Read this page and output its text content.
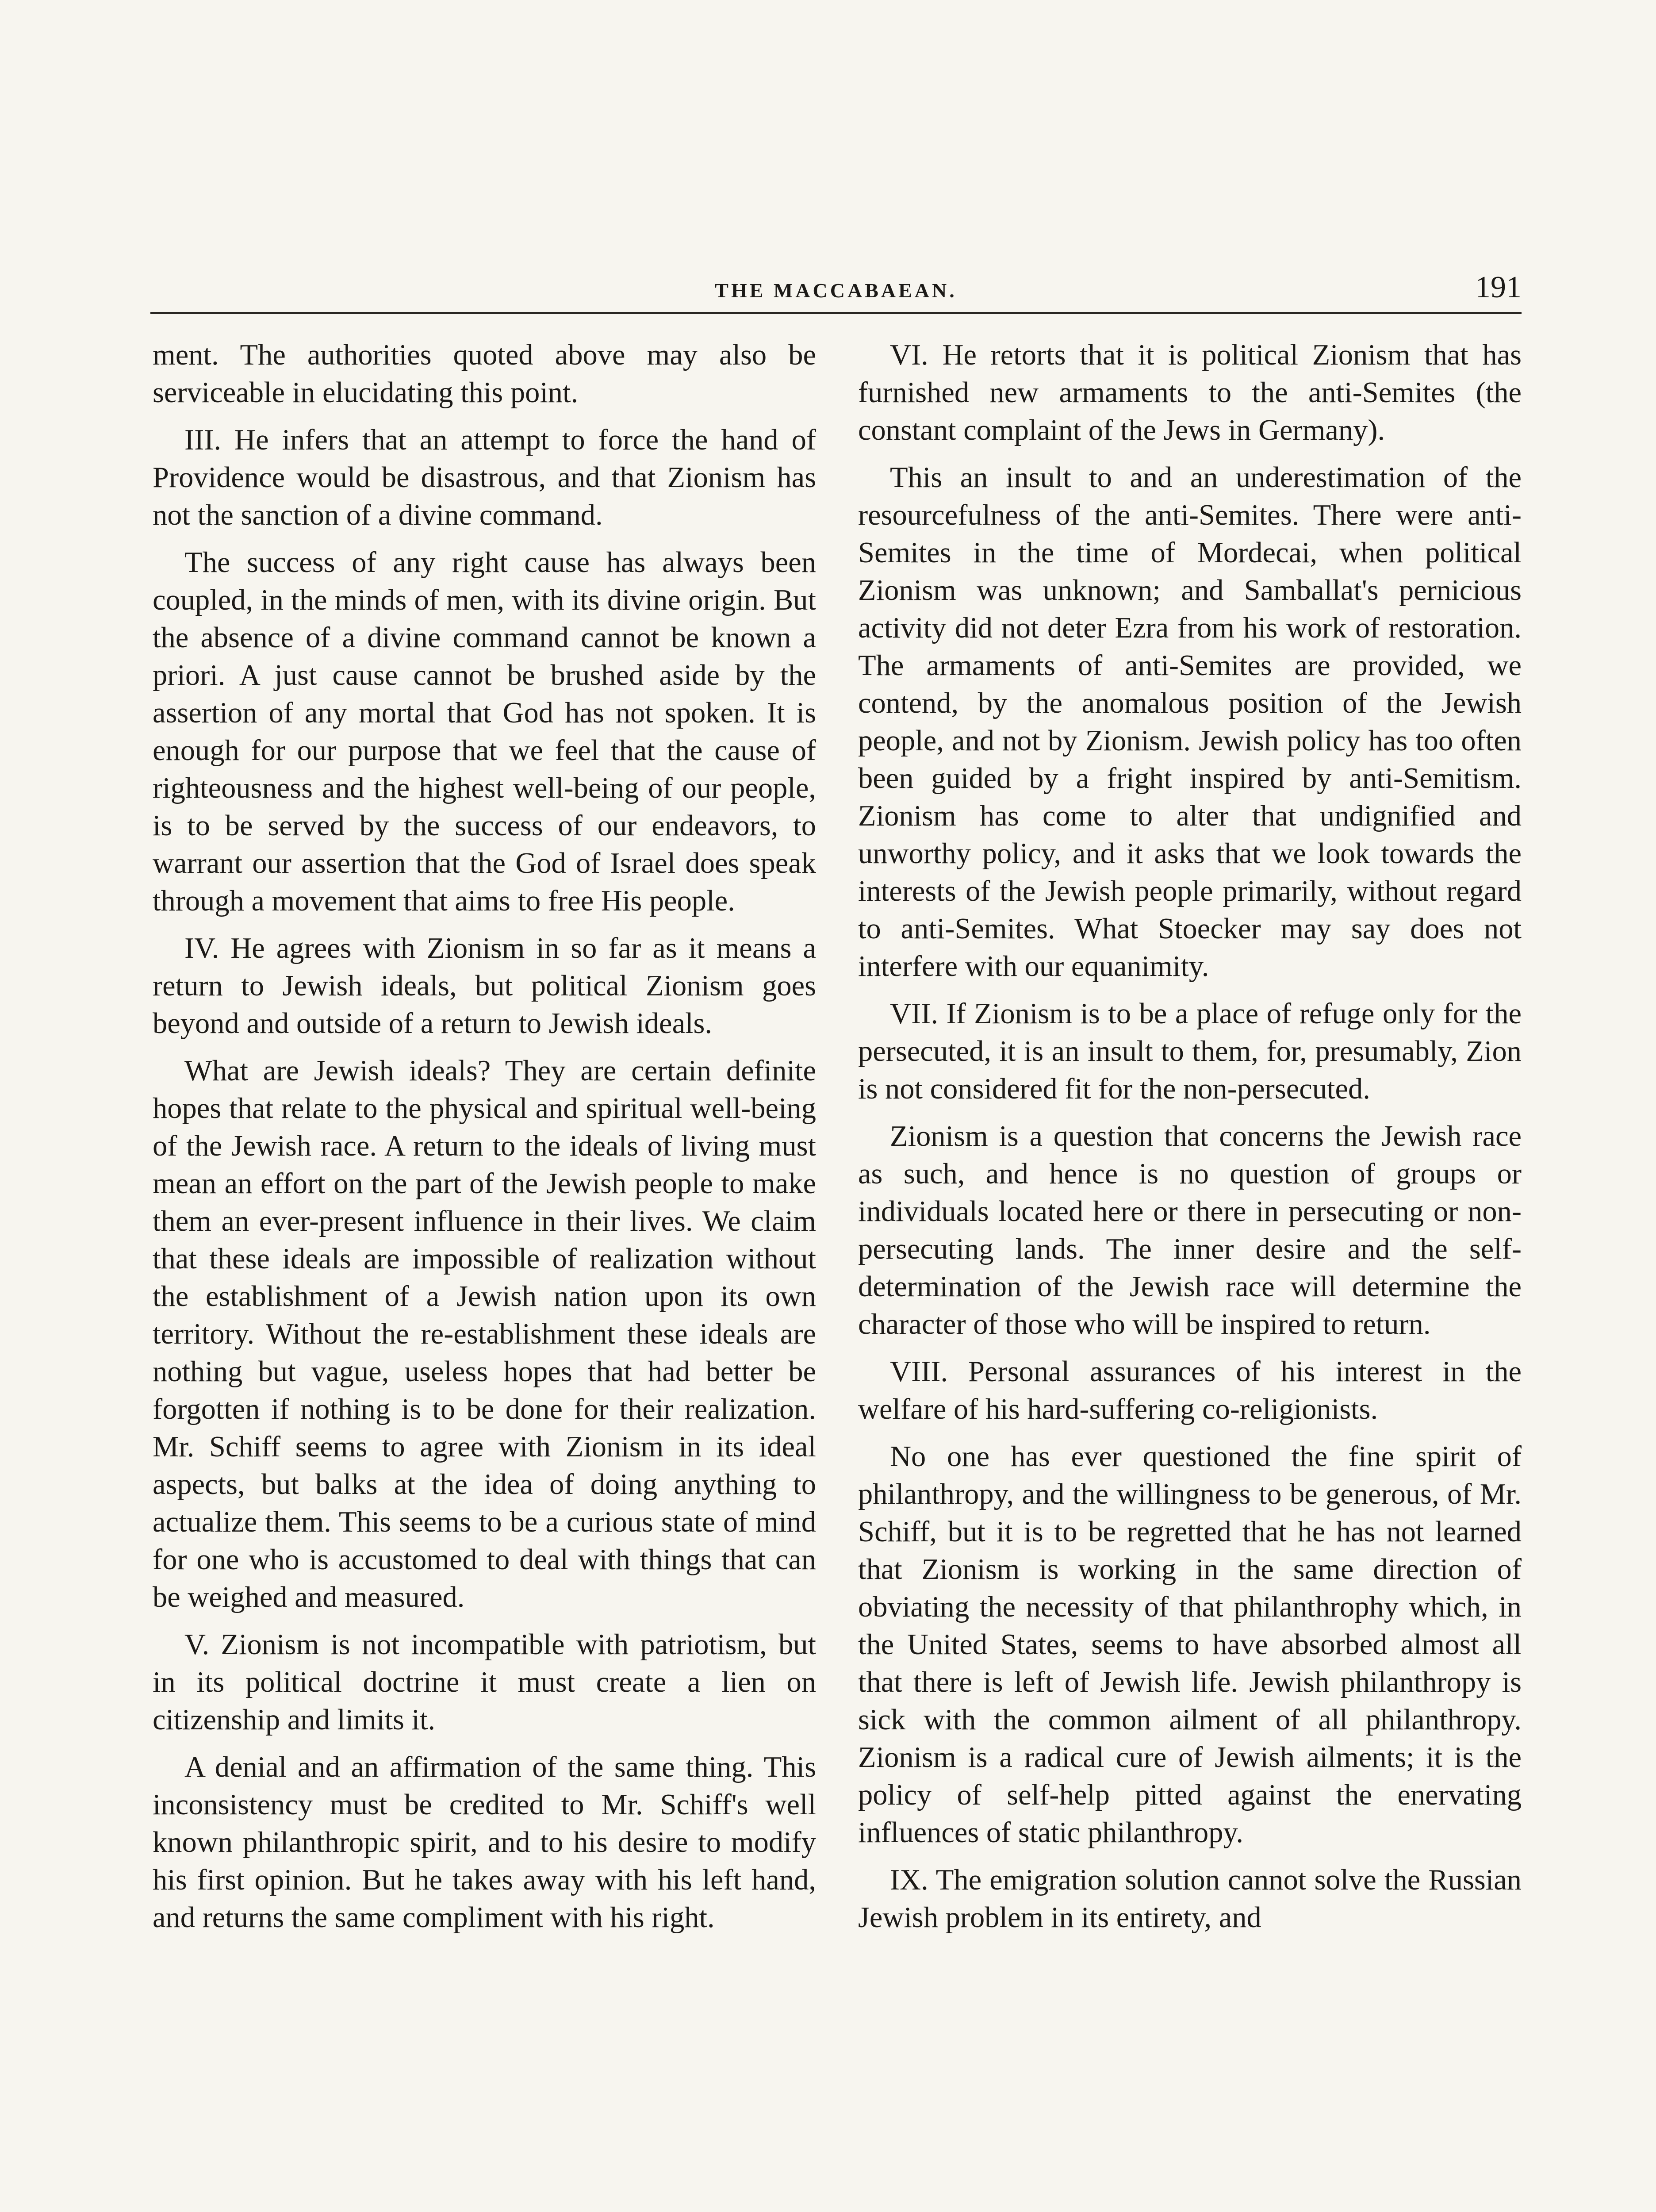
THE MACCABAEAN.	191

ment. The authorities quoted above may also be serviceable in elucidating this point.

III. He infers that an attempt to force the hand of Providence would be disastrous, and that Zionism has not the sanction of a divine command.

The success of any right cause has always been coupled, in the minds of men, with its divine origin. But the absence of a divine command cannot be known a priori. A just cause cannot be brushed aside by the assertion of any mortal that God has not spoken. It is enough for our purpose that we feel that the cause of righteousness and the highest well-being of our people, is to be served by the success of our endeavors, to warrant our assertion that the God of Israel does speak through a movement that aims to free His people.

IV. He agrees with Zionism in so far as it means a return to Jewish ideals, but political Zionism goes beyond and outside of a return to Jewish ideals.

What are Jewish ideals? They are certain definite hopes that relate to the physical and spiritual well-being of the Jewish race. A return to the ideals of living must mean an effort on the part of the Jewish people to make them an ever-present influence in their lives. We claim that these ideals are impossible of realization without the establishment of a Jewish nation upon its own territory. Without the re-establishment these ideals are nothing but vague, useless hopes that had better be forgotten if nothing is to be done for their realization. Mr. Schiff seems to agree with Zionism in its ideal aspects, but balks at the idea of doing anything to actualize them. This seems to be a curious state of mind for one who is accustomed to deal with things that can be weighed and measured.

V. Zionism is not incompatible with patriotism, but in its political doctrine it must create a lien on citizenship and limits it.

A denial and an affirmation of the same thing. This inconsistency must be credited to Mr. Schiff's well known philanthropic spirit, and to his desire to modify his first opinion. But he takes away with his left hand, and returns the same compliment with his right.

VI. He retorts that it is political Zionism that has furnished new armaments to the anti-Semites (the constant complaint of the Jews in Germany).

This an insult to and an underestimation of the resourcefulness of the anti-Semites. There were anti-Semites in the time of Mordecai, when political Zionism was unknown; and Samballat's pernicious activity did not deter Ezra from his work of restoration. The armaments of anti-Semites are provided, we contend, by the anomalous position of the Jewish people, and not by Zionism. Jewish policy has too often been guided by a fright inspired by anti-Semitism. Zionism has come to alter that undignified and unworthy policy, and it asks that we look towards the interests of the Jewish people primarily, without regard to anti-Semites. What Stoecker may say does not interfere with our equanimity.

VII. If Zionism is to be a place of refuge only for the persecuted, it is an insult to them, for, presumably, Zion is not considered fit for the non-persecuted.

Zionism is a question that concerns the Jewish race as such, and hence is no question of groups or individuals located here or there in persecuting or non-persecuting lands. The inner desire and the self-determination of the Jewish race will determine the character of those who will be inspired to return.

VIII. Personal assurances of his interest in the welfare of his hard-suffering co-religionists.

No one has ever questioned the fine spirit of philanthropy, and the willingness to be generous, of Mr. Schiff, but it is to be regretted that he has not learned that Zionism is working in the same direction of obviating the necessity of that philanthrophy which, in the United States, seems to have absorbed almost all that there is left of Jewish life. Jewish philanthropy is sick with the common ailment of all philanthropy. Zionism is a radical cure of Jewish ailments; it is the policy of self-help pitted against the enervating influences of static philanthropy.

IX. The emigration solution cannot solve the Russian Jewish problem in its entirety, and
